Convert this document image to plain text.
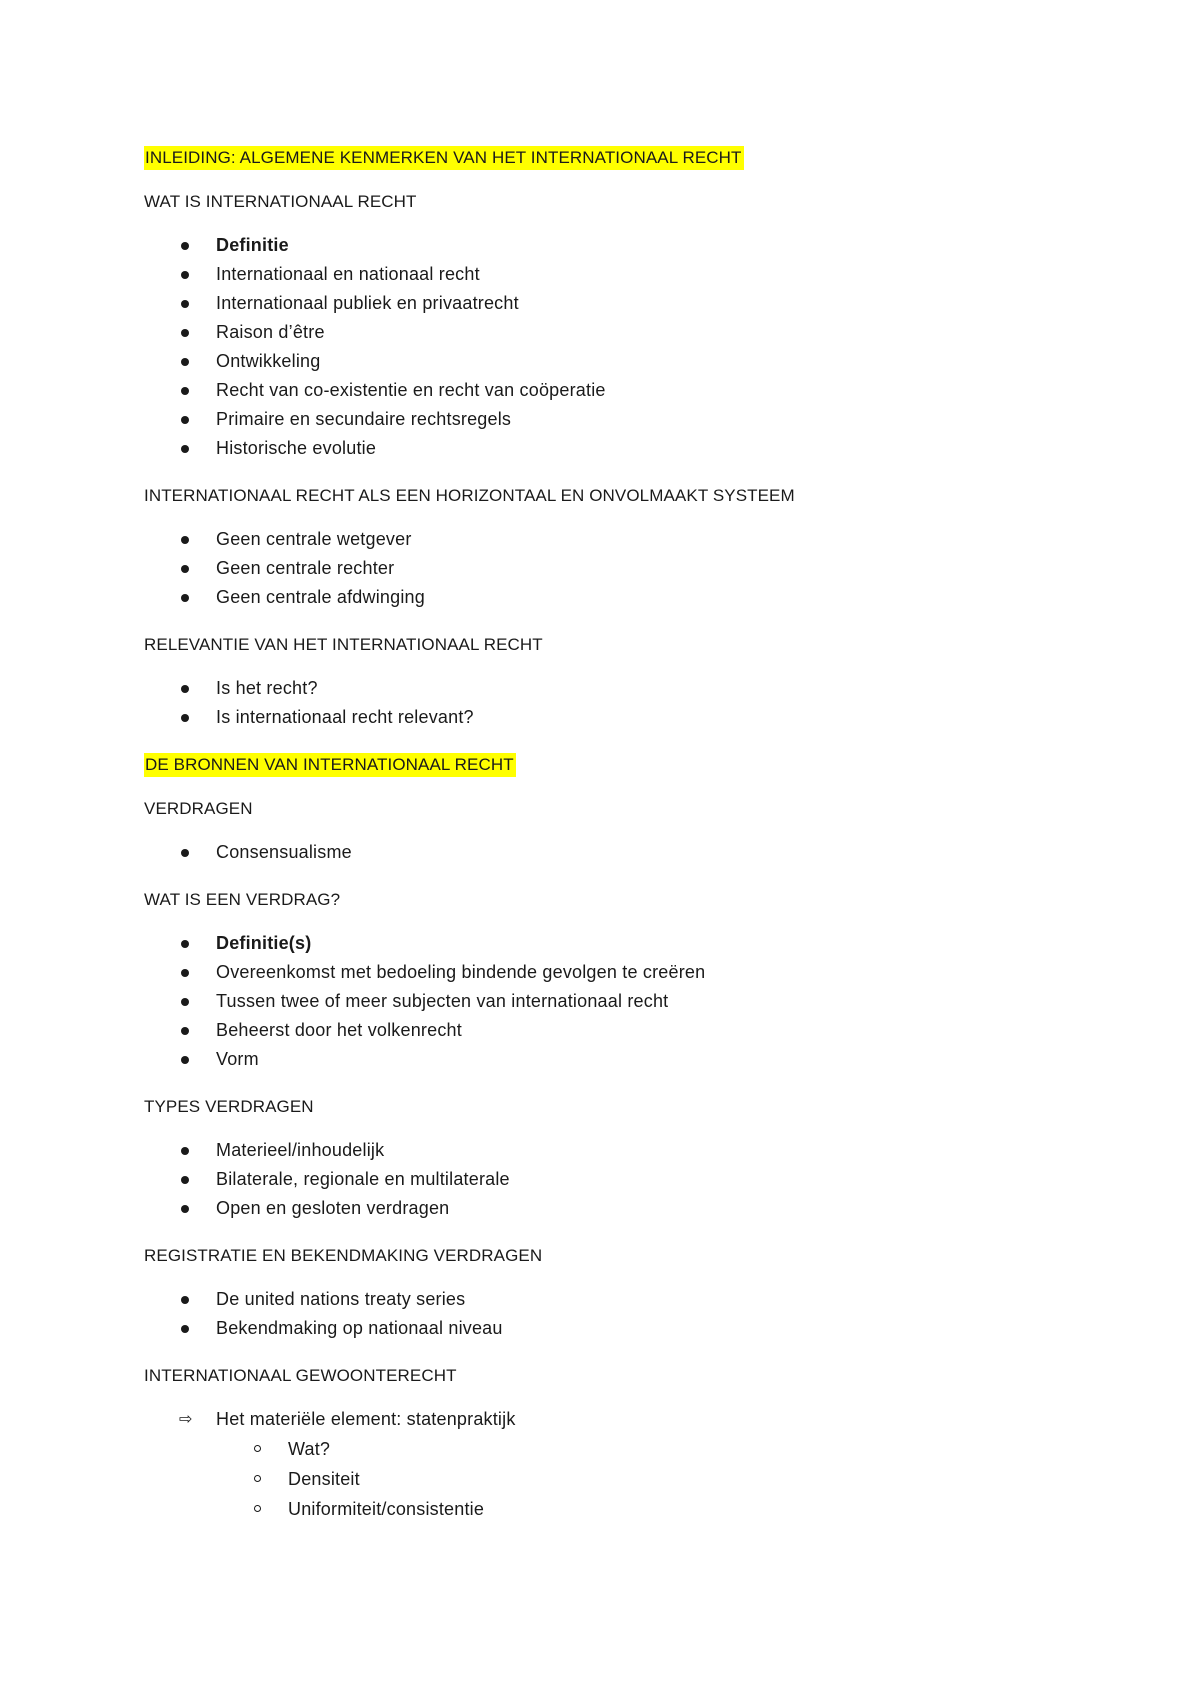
INLEIDING: ALGEMENE KENMERKEN VAN HET INTERNATIONAAL RECHT
WAT IS INTERNATIONAAL RECHT
Definitie
Internationaal en nationaal recht
Internationaal publiek en privaatrecht
Raison d’être
Ontwikkeling
Recht van co-existentie en recht van coöperatie
Primaire en secundaire rechtsregels
Historische evolutie
INTERNATIONAAL RECHT ALS EEN HORIZONTAAL EN ONVOLMAAKT SYSTEEM
Geen centrale wetgever
Geen centrale rechter
Geen centrale afdwinging
RELEVANTIE VAN HET INTERNATIONAAL RECHT
Is het recht?
Is internationaal recht relevant?
DE BRONNEN VAN INTERNATIONAAL RECHT
VERDRAGEN
Consensualisme
WAT IS EEN VERDRAG?
Definitie(s)
Overeenkomst met bedoeling bindende gevolgen te creëren
Tussen twee of meer subjecten van internationaal recht
Beheerst door het volkenrecht
Vorm
TYPES VERDRAGEN
Materieel/inhoudelijk
Bilaterale, regionale en multilaterale
Open en gesloten verdragen
REGISTRATIE EN BEKENDMAKING VERDRAGEN
De united nations treaty series
Bekendmaking op nationaal niveau
INTERNATIONAAL GEWOONTERECHT
⇨ Het materiële element: statenpraktijk
Wat?
Densiteit
Uniformiteit/consistentie
